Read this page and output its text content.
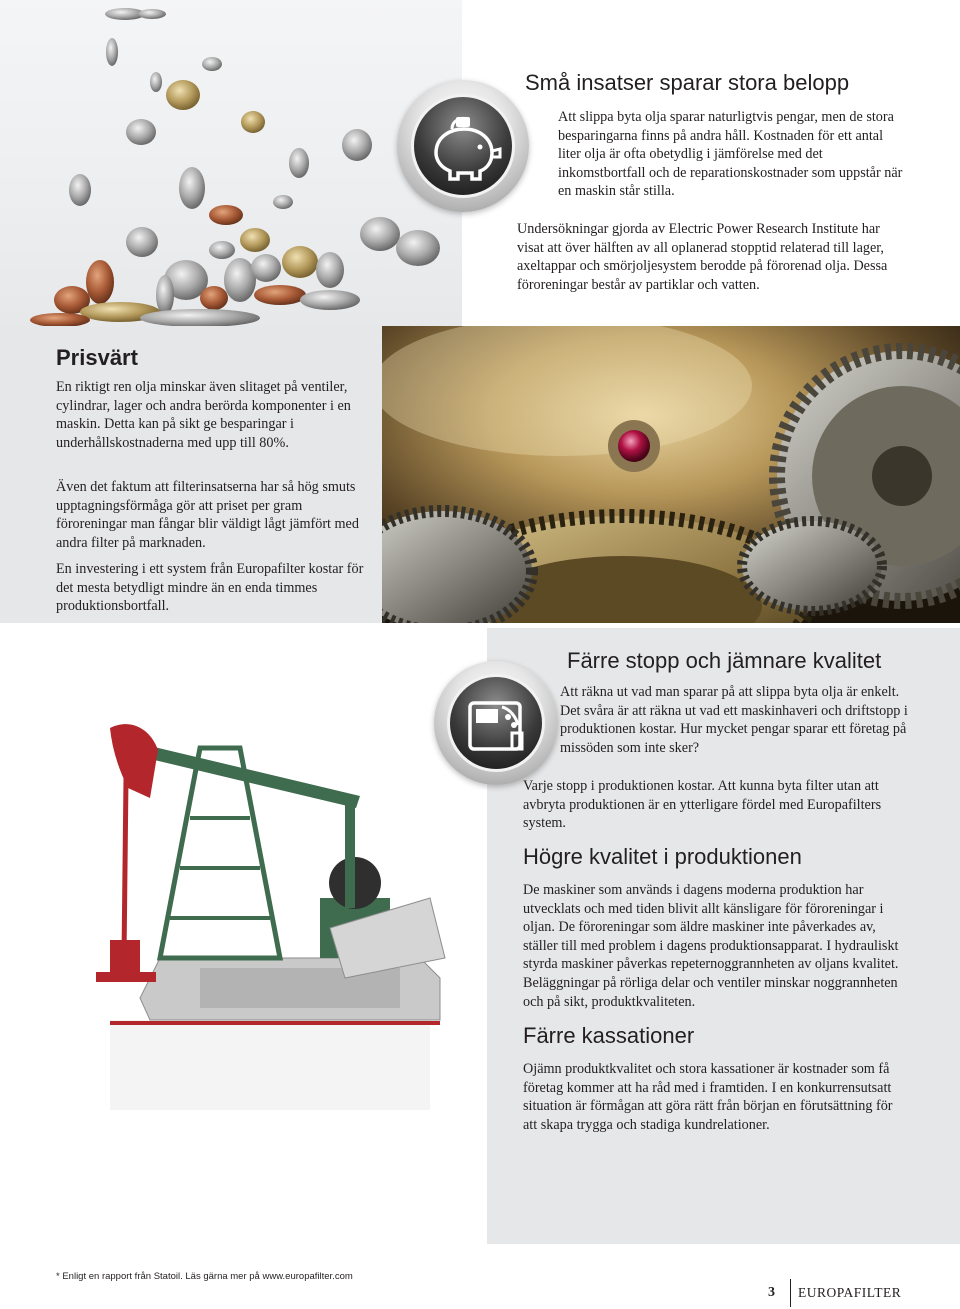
Små insatser sparar stora belopp

Att slippa byta olja sparar naturligtvis pengar, men de stora besparingarna finns på andra håll. Kostnaden för ett antal liter olja är ofta obetydlig i jämförelse med det inkomstbortfall och de reparationskostnader som uppstår när en maskin står stilla.

Undersökningar gjorda av Electric Power Research Institute har visat att över hälften av all oplanerad stopptid relaterad till lager, axeltappar och smörjoljesystem berodde på förorenad olja. Dessa föroreningar består av partiklar och vatten.

Prisvärt

En riktigt ren olja minskar även slitaget på ventiler, cylindrar, lager och andra berörda komponenter i en maskin. Detta kan på sikt ge besparingar i underhållskostnaderna med upp till 80%.

Även det faktum att filterinsatserna har så hög smuts upptagningsförmåga gör att priset per gram föroreningar man fångar blir väldigt lågt jämfört med andra filter på marknaden.

En investering i ett system från Europafilter kostar för det mesta betydligt mindre än en enda timmes produktionsbortfall.

Färre stopp och jämnare kvalitet

Att räkna ut vad man sparar på att slippa byta olja är enkelt. Det svåra är att räkna ut vad ett maskinhaveri och driftstopp i produktionen kostar. Hur mycket pengar sparar ett företag på missöden som inte sker?

Varje stopp i produktionen kostar. Att kunna byta filter utan att avbryta produktionen är en ytterligare fördel med Europafilters system.

Högre kvalitet i produktionen

De maskiner som används i dagens moderna produktion har utvecklats och med tiden blivit allt känsligare för föroreningar i oljan. De föroreningar som äldre maskiner inte påverkades av, ställer till med problem i dagens produktionsapparat. I hydrauliskt styrda maskiner påverkas repeternoggrannheten av oljans kvalitet. Beläggningar på rörliga delar och ventiler minskar noggrannheten och på sikt, produktkvaliteten.

Färre kassationer

Ojämn produktkvalitet och stora kassationer är kostnader som få företag kommer att ha råd med i framtiden. I en konkurrensutsatt situation är förmågan att göra rätt från början en förutsättning för att skapa trygga och stadiga kundrelationer.

* Enligt en rapport från Statoil. Läs gärna mer på www.europafilter.com
3 EUROPAFILTER
